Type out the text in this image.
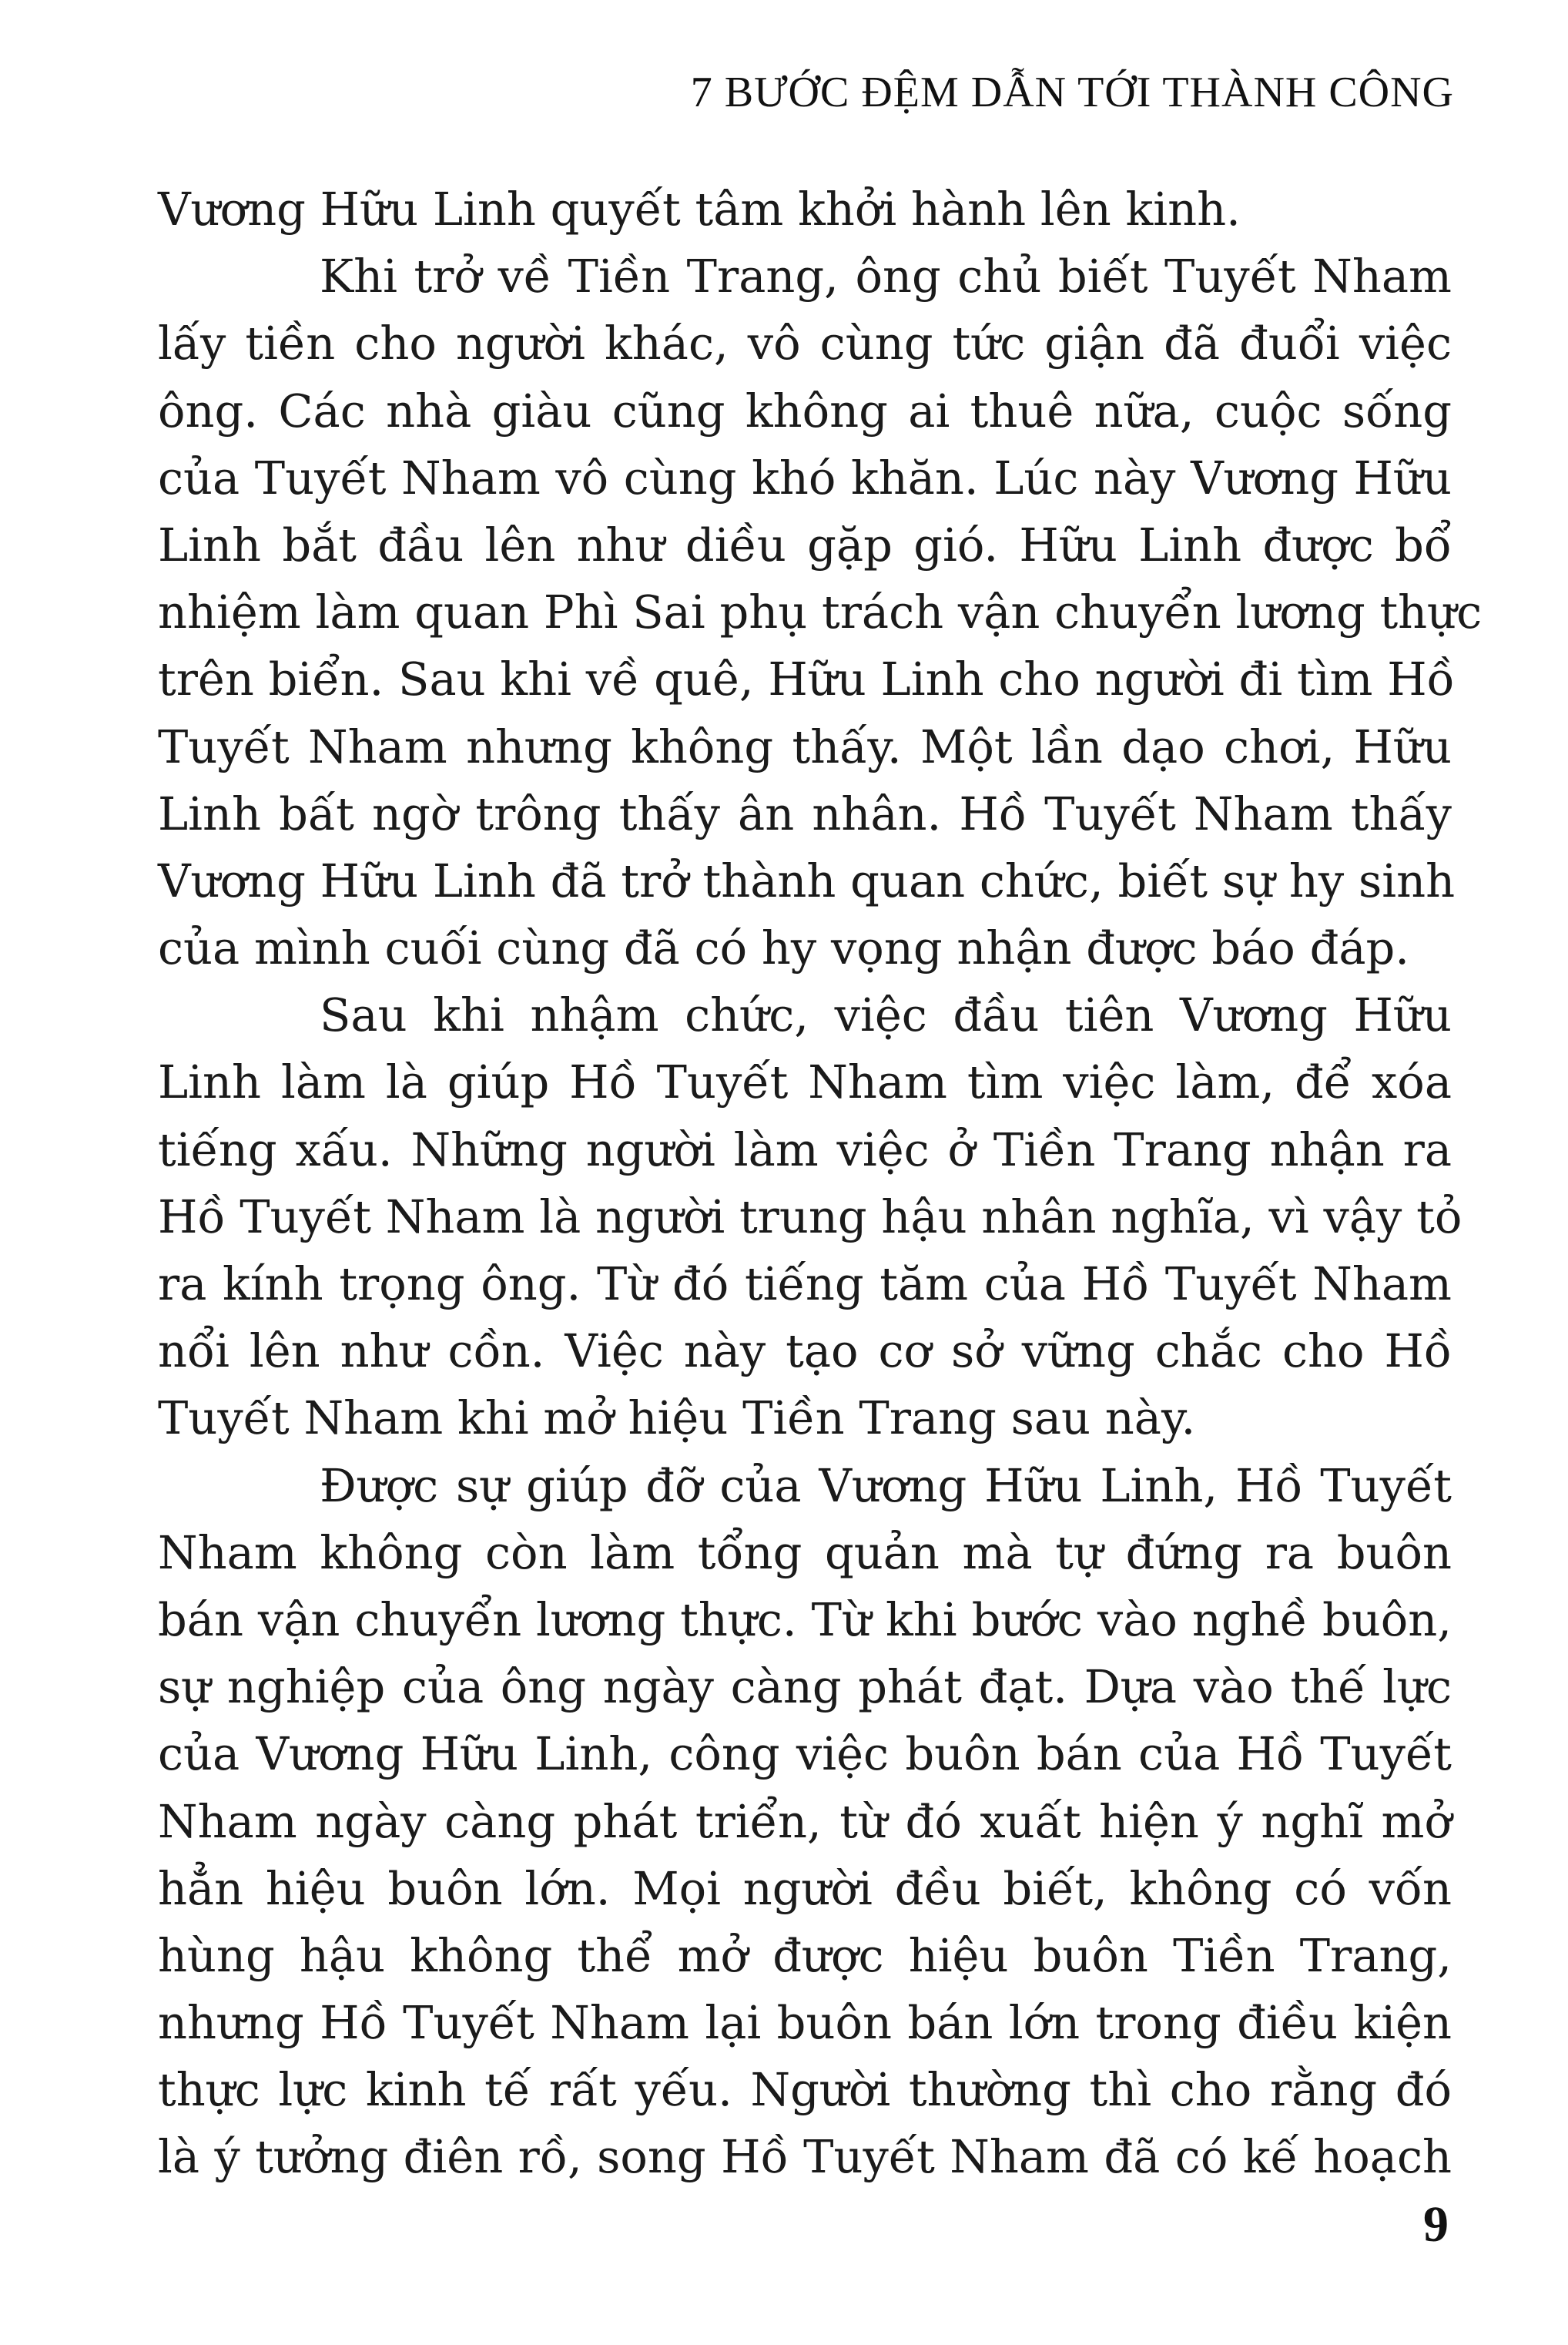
7 BƯỚC ĐỆM DẪN TỚI THÀNH CÔNG
Vương Hữu Linh quyết tâm khởi hành lên kinh.
Khi trở về Tiền Trang, ông chủ biết Tuyết Nham
lấy tiền cho người khác, vô cùng tức giận đã đuổi việc
ông. Các nhà giàu cũng không ai thuê nữa, cuộc sống
của Tuyết Nham vô cùng khó khăn. Lúc này Vương Hữu
Linh bắt đầu lên như diều gặp gió. Hữu Linh được bổ
nhiệm làm quan Phì Sai phụ trách vận chuyển lương thực
trên biển. Sau khi về quê, Hữu Linh cho người đi tìm Hồ
Tuyết Nham nhưng không thấy. Một lần dạo chơi, Hữu
Linh bất ngờ trông thấy ân nhân. Hồ Tuyết Nham thấy
Vương Hữu Linh đã trở thành quan chức, biết sự hy sinh
của mình cuối cùng đã có hy vọng nhận được báo đáp.
Sau khi nhậm chức, việc đầu tiên Vương Hữu
Linh làm là giúp Hồ Tuyết Nham tìm việc làm, để xóa
tiếng xấu. Những người làm việc ở Tiền Trang nhận ra
Hồ Tuyết Nham là người trung hậu nhân nghĩa, vì vậy tỏ
ra kính trọng ông. Từ đó tiếng tăm của Hồ Tuyết Nham
nổi lên như cồn. Việc này tạo cơ sở vững chắc cho Hồ
Tuyết Nham khi mở hiệu Tiền Trang sau này.
Được sự giúp đỡ của Vương Hữu Linh, Hồ Tuyết
Nham không còn làm tổng quản mà tự đứng ra buôn
bán vận chuyển lương thực. Từ khi bước vào nghề buôn,
sự nghiệp của ông ngày càng phát đạt. Dựa vào thế lực
của Vương Hữu Linh, công việc buôn bán của Hồ Tuyết
Nham ngày càng phát triển, từ đó xuất hiện ý nghĩ mở
hẳn hiệu buôn lớn. Mọi người đều biết, không có vốn
hùng hậu không thể mở được hiệu buôn Tiền Trang,
nhưng Hồ Tuyết Nham lại buôn bán lớn trong điều kiện
thực lực kinh tế rất yếu. Người thường thì cho rằng đó
là ý tưởng điên rồ, song Hồ Tuyết Nham đã có kế hoạch
9
